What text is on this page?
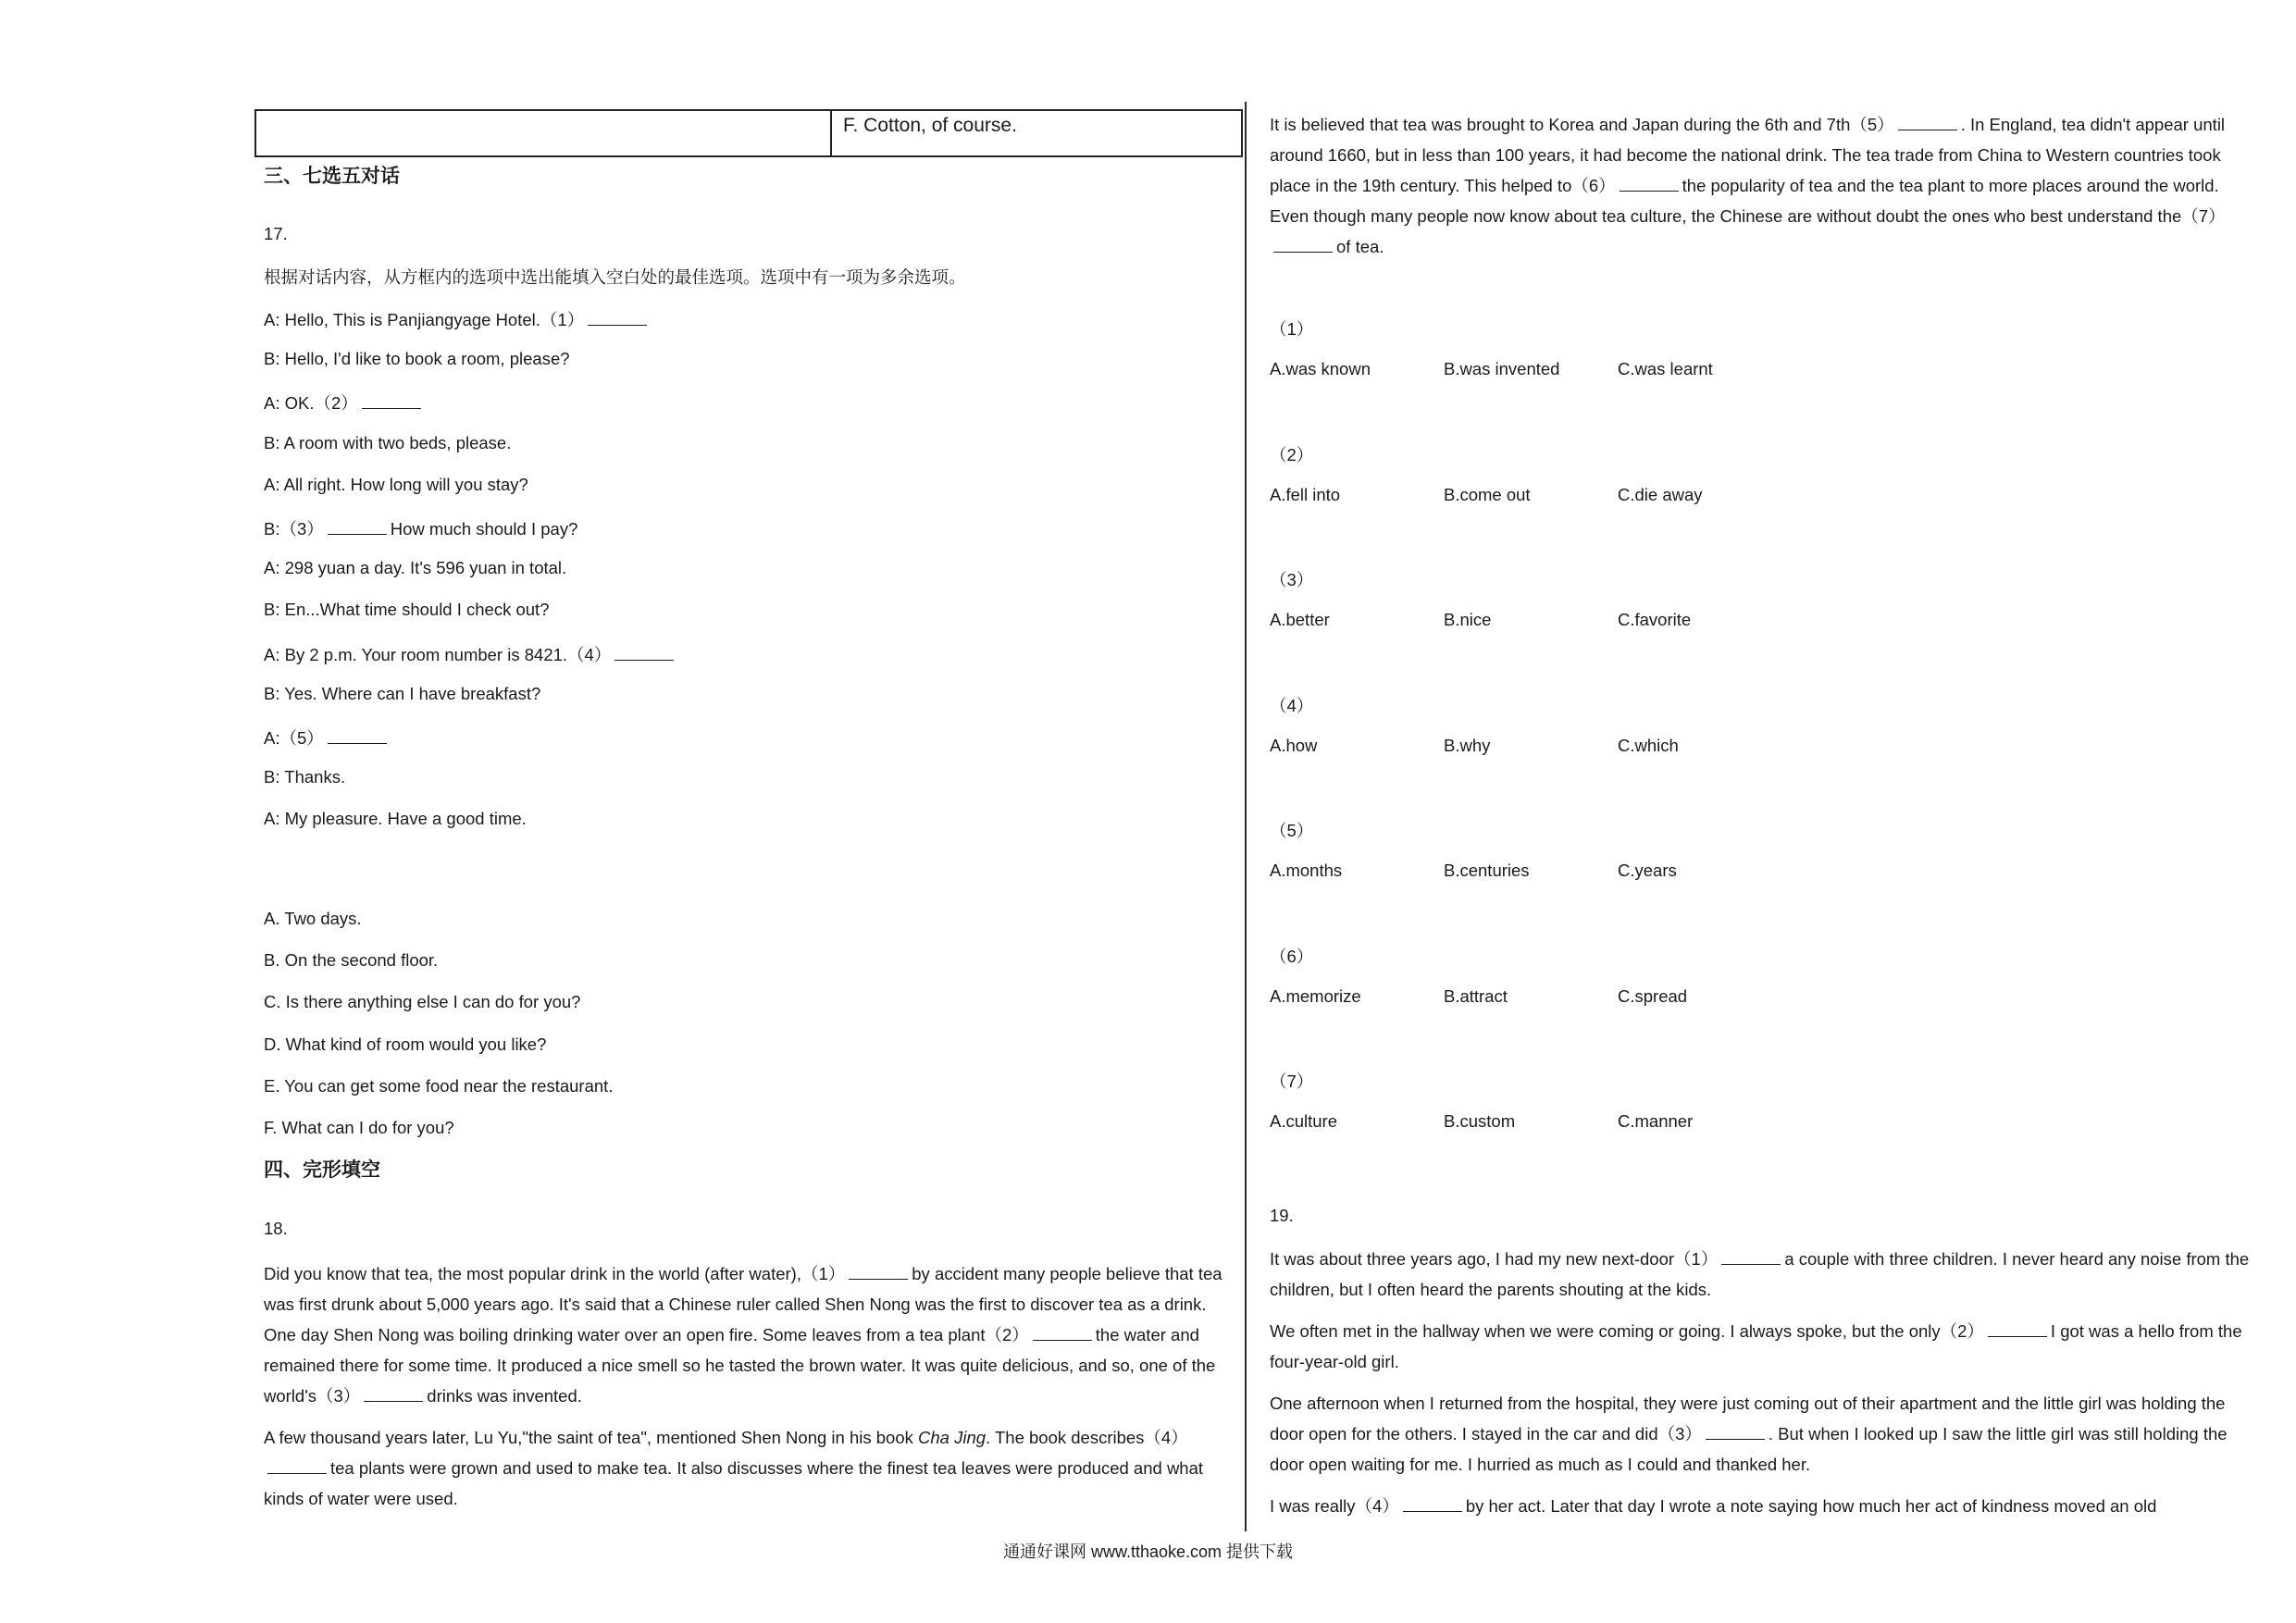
F. Cotton, of course.
三、七选五对话
17.
根据对话内容，从方框内的选项中选出能填入空白处的最佳选项。选项中有一项为多余选项。
A: Hello, This is Panjiangyage Hotel.（1）
B: Hello, I'd like to book a room, please?
A: OK.（2）
B: A room with two beds, please.
A: All right. How long will you stay?
B:（3）	How much should I pay?
A: 298 yuan a day. It's 596 yuan in total.
B: En...What time should I check out?
A: By 2 p.m. Your room number is 8421.（4）
B: Yes. Where can I have breakfast?
A:（5）
B: Thanks.
A: My pleasure. Have a good time.
A. Two days.
B. On the second floor.
C. Is there anything else I can do for you?
D. What kind of room would you like?
E. You can get some food near the restaurant.
F. What can I do for you?
四、完形填空
18.

Did you know that tea, the most popular drink in the world (after water),（1）	by accident many people believe that tea was first drunk about 5,000 years ago. It's said that a Chinese ruler called Shen Nong was the first to discover tea as a drink. One day Shen Nong was boiling drinking water over an open fire. Some leaves from a tea plant（2）	the water and remained there for some time. It produced a nice smell so he tasted the brown water. It was quite delicious, and so, one of the world's（3）	drinks was invented.

A few thousand years later, Lu Yu,"the saint of tea", mentioned Shen Nong in his book Cha Jing. The book describes（4）tea plants were grown and used to make tea. It also discusses where the finest tea leaves were produced and what kinds of water were used.

It is believed that tea was brought to Korea and Japan during the 6th and 7th（5）	. In England, tea didn't appear until around 1660, but in less than 100 years, it had become the national drink. The tea trade from China to Western countries took place in the 19th century. This helped to（6）	the popularity of tea and the tea plant to more places around the world. Even though many people now know about tea culture, the Chinese are without doubt the ones who best understand the（7）of tea.

（1）
A.was known	B.was invented	C.was learnt
（2）
A.fell into	B.come out	C.die away
（3）
A.better	B.nice	C.favorite
（4）
A.how	B.why	C.which
（5）
A.months	B.centuries	C.years
（6）
A.memorize	B.attract	C.spread
（7）
A.culture	B.custom	C.manner
19.

It was about three years ago, I had my new next-door（1）	a couple with three children. I never heard any noise from the children, but I often heard the parents shouting at the kids.

We often met in the hallway when we were coming or going. I always spoke, but the only（2）	I got was a hello from the four-year-old girl.

One afternoon when I returned from the hospital, they were just coming out of their apartment and the little girl was holding the door open for the others. I stayed in the car and did（3）	. But when I looked up I saw the little girl was still holding the door open waiting for me. I hurried as much as I could and thanked her.

I was really（4）	by her act. Later that day I wrote a note saying how much her act of kindness moved an old

通通好课网 www.tthaoke.com 提供下载
